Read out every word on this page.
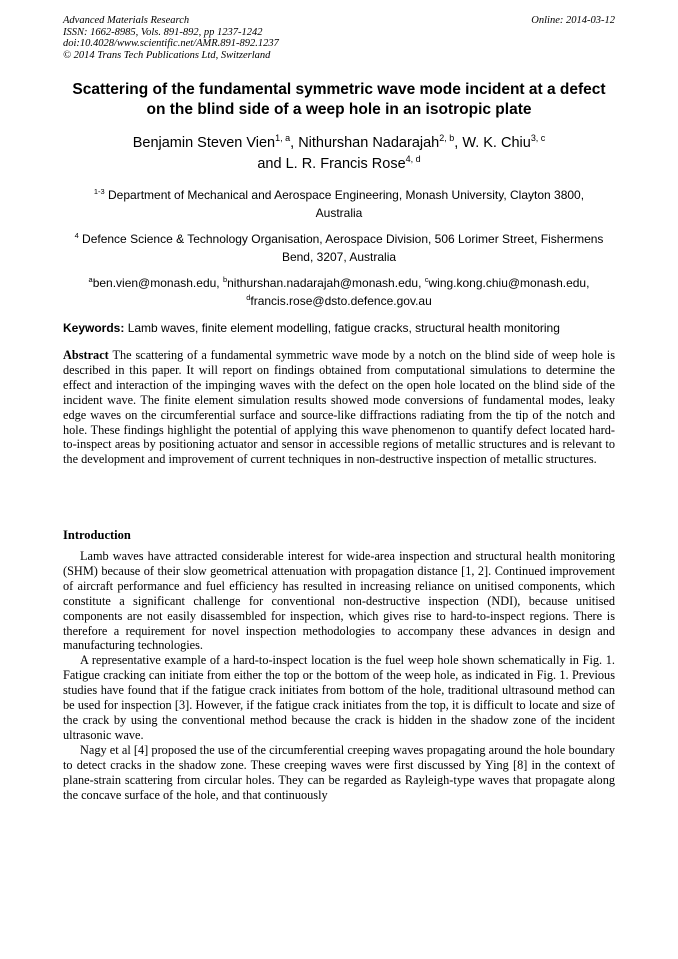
Advanced Materials Research
ISSN: 1662-8985, Vols. 891-892, pp 1237-1242
doi:10.4028/www.scientific.net/AMR.891-892.1237
© 2014 Trans Tech Publications Ltd, Switzerland
Online: 2014-03-12
Scattering of the fundamental symmetric wave mode incident at a defect
on the blind side of a weep hole in an isotropic plate
Benjamin Steven Vien$^{1, a}$, Nithurshan Nadarajah$^{2, b}$, W. K. Chiu$^{3, c}$
and L. R. Francis Rose$^{4, d}$
$^{1-3}$ Department of Mechanical and Aerospace Engineering, Monash University, Clayton 3800, Australia
$^4$ Defence Science & Technology Organisation, Aerospace Division, 506 Lorimer Street, Fishermens Bend, 3207, Australia
$^a$ben.vien@monash.edu, $^b$nithurshan.nadarajah@monash.edu, $^c$wing.kong.chiu@monash.edu,
$^d$francis.rose@dsto.defence.gov.au
Keywords: Lamb waves, finite element modelling, fatigue cracks, structural health monitoring
Abstract The scattering of a fundamental symmetric wave mode by a notch on the blind side of weep hole is described in this paper. It will report on findings obtained from computational simulations to determine the effect and interaction of the impinging waves with the defect on the open hole located on the blind side of the incident wave. The finite element simulation results showed mode conversions of fundamental modes, leaky edge waves on the circumferential surface and source-like diffractions radiating from the tip of the notch and hole. These findings highlight the potential of applying this wave phenomenon to quantify defect located hard-to-inspect areas by positioning actuator and sensor in accessible regions of metallic structures and is relevant to the development and improvement of current techniques in non-destructive inspection of metallic structures.
Introduction

Lamb waves have attracted considerable interest for wide-area inspection and structural health monitoring (SHM) because of their slow geometrical attenuation with propagation distance [1, 2]. Continued improvement of aircraft performance and fuel efficiency has resulted in increasing reliance on unitised components, which constitute a significant challenge for conventional non-destructive inspection (NDI), because unitised components are not easily disassembled for inspection, which gives rise to hard-to-inspect regions. There is therefore a requirement for novel inspection methodologies to accompany these advances in design and manufacturing technologies.

A representative example of a hard-to-inspect location is the fuel weep hole shown schematically in Fig. 1. Fatigue cracking can initiate from either the top or the bottom of the weep hole, as indicated in Fig. 1. Previous studies have found that if the fatigue crack initiates from bottom of the hole, traditional ultrasound method can be used for inspection [3]. However, if the fatigue crack initiates from the top, it is difficult to locate and size of the crack by using the conventional method because the crack is hidden in the shadow zone of the incident ultrasonic wave.

Nagy et al [4] proposed the use of the circumferential creeping waves propagating around the hole boundary to detect cracks in the shadow zone. These creeping waves were first discussed by Ying [8] in the context of plane-strain scattering from circular holes. They can be regarded as Rayleigh-type waves that propagate along the concave surface of the hole, and that continuously
